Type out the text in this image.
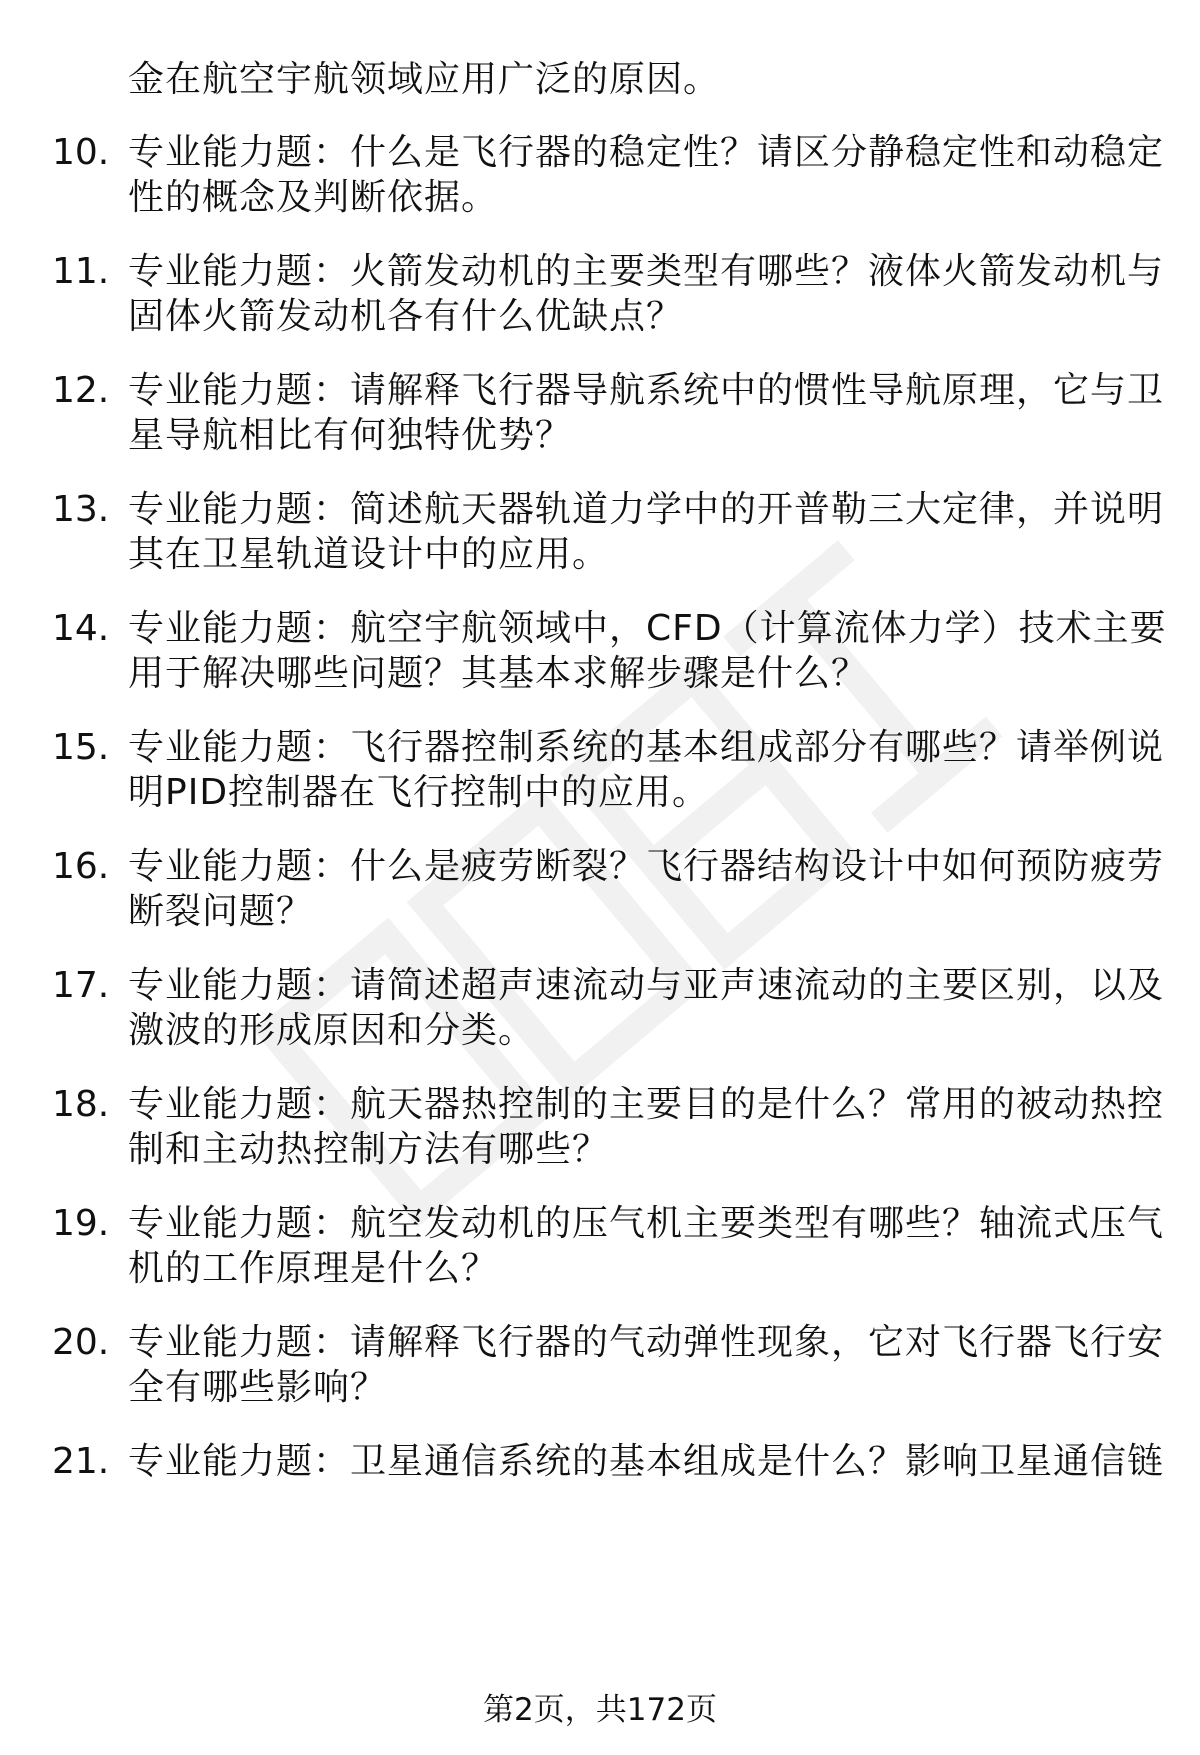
金在航空宇航领域应用广泛的原因。
10. 专业能力题：什么是飞行器的稳定性？请区分静稳定性和动稳定
性的概念及判断依据。
11. 专业能力题：火箭发动机的主要类型有哪些？液体火箭发动机与
固体火箭发动机各有什么优缺点？
12. 专业能力题：请解释飞行器导航系统中的惯性导航原理，它与卫
星导航相比有何独特优势？
13. 专业能力题：简述航天器轨道力学中的开普勒三大定律，并说明
其在卫星轨道设计中的应用。
14. 专业能力题：航空宇航领域中，CFD（计算流体力学）技术主要
用于解决哪些问题？其基本求解步骤是什么？
15. 专业能力题：飞行器控制系统的基本组成部分有哪些？请举例说
明PID控制器在飞行控制中的应用。
16. 专业能力题：什么是疲劳断裂？飞行器结构设计中如何预防疲劳
断裂问题？
17. 专业能力题：请简述超声速流动与亚声速流动的主要区别，以及
激波的形成原因和分类。
18. 专业能力题：航天器热控制的主要目的是什么？常用的被动热控
制和主动热控制方法有哪些？
19. 专业能力题：航空发动机的压气机主要类型有哪些？轴流式压气
机的工作原理是什么？
20. 专业能力题：请解释飞行器的气动弹性现象，它对飞行器飞行安
全有哪些影响？
21. 专业能力题：卫星通信系统的基本组成是什么？影响卫星通信链
第2页，共172页
